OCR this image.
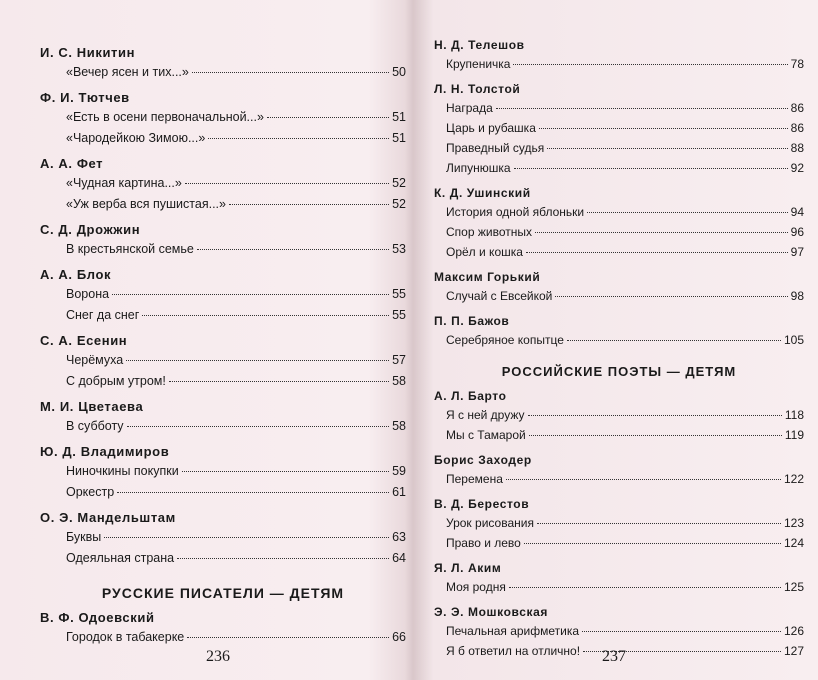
И. С. Никитин
«Вечер ясен и тих...»	50
Ф. И. Тютчев
«Есть в осени первоначальной...»	51
«Чародейкою Зимою...»	51
А. А. Фет
«Чудная картина...»	52
«Уж верба вся пушистая...»	52
С. Д. Дрожжин
В крестьянской семье	53
А. А. Блок
Ворона	55
Снег да снег	55
С. А. Есенин
Черёмуха	57
С добрым утром!	58
М. И. Цветаева
В субботу	58
Ю. Д. Владимиров
Ниночкины покупки	59
Оркестр	61
О. Э. Мандельштам
Буквы	63
Одеяльная страна	64
РУССКИЕ ПИСАТЕЛИ — ДЕТЯМ
В. Ф. Одоевский
Городок в табакерке	66
236
Н. Д. Телешов
Крупеничка	78
Л. Н. Толстой
Награда	86
Царь и рубашка	86
Праведный судья	88
Липунюшка	92
К. Д. Ушинский
История одной яблоньки	94
Спор животных	96
Орёл и кошка	97
Максим Горький
Случай с Евсейкой	98
П. П. Бажов
Серебряное копытце	105
РОССИЙСКИЕ ПОЭТЫ — ДЕТЯМ
А. Л. Барто
Я с ней дружу	118
Мы с Тамарой	119
Борис Заходер
Перемена	122
В. Д. Берестов
Урок рисования	123
Право и лево	124
Я. Л. Аким
Моя родня	125
Э. Э. Мошковская
Печальная арифметика	126
Я б ответил на отлично!	127
237
